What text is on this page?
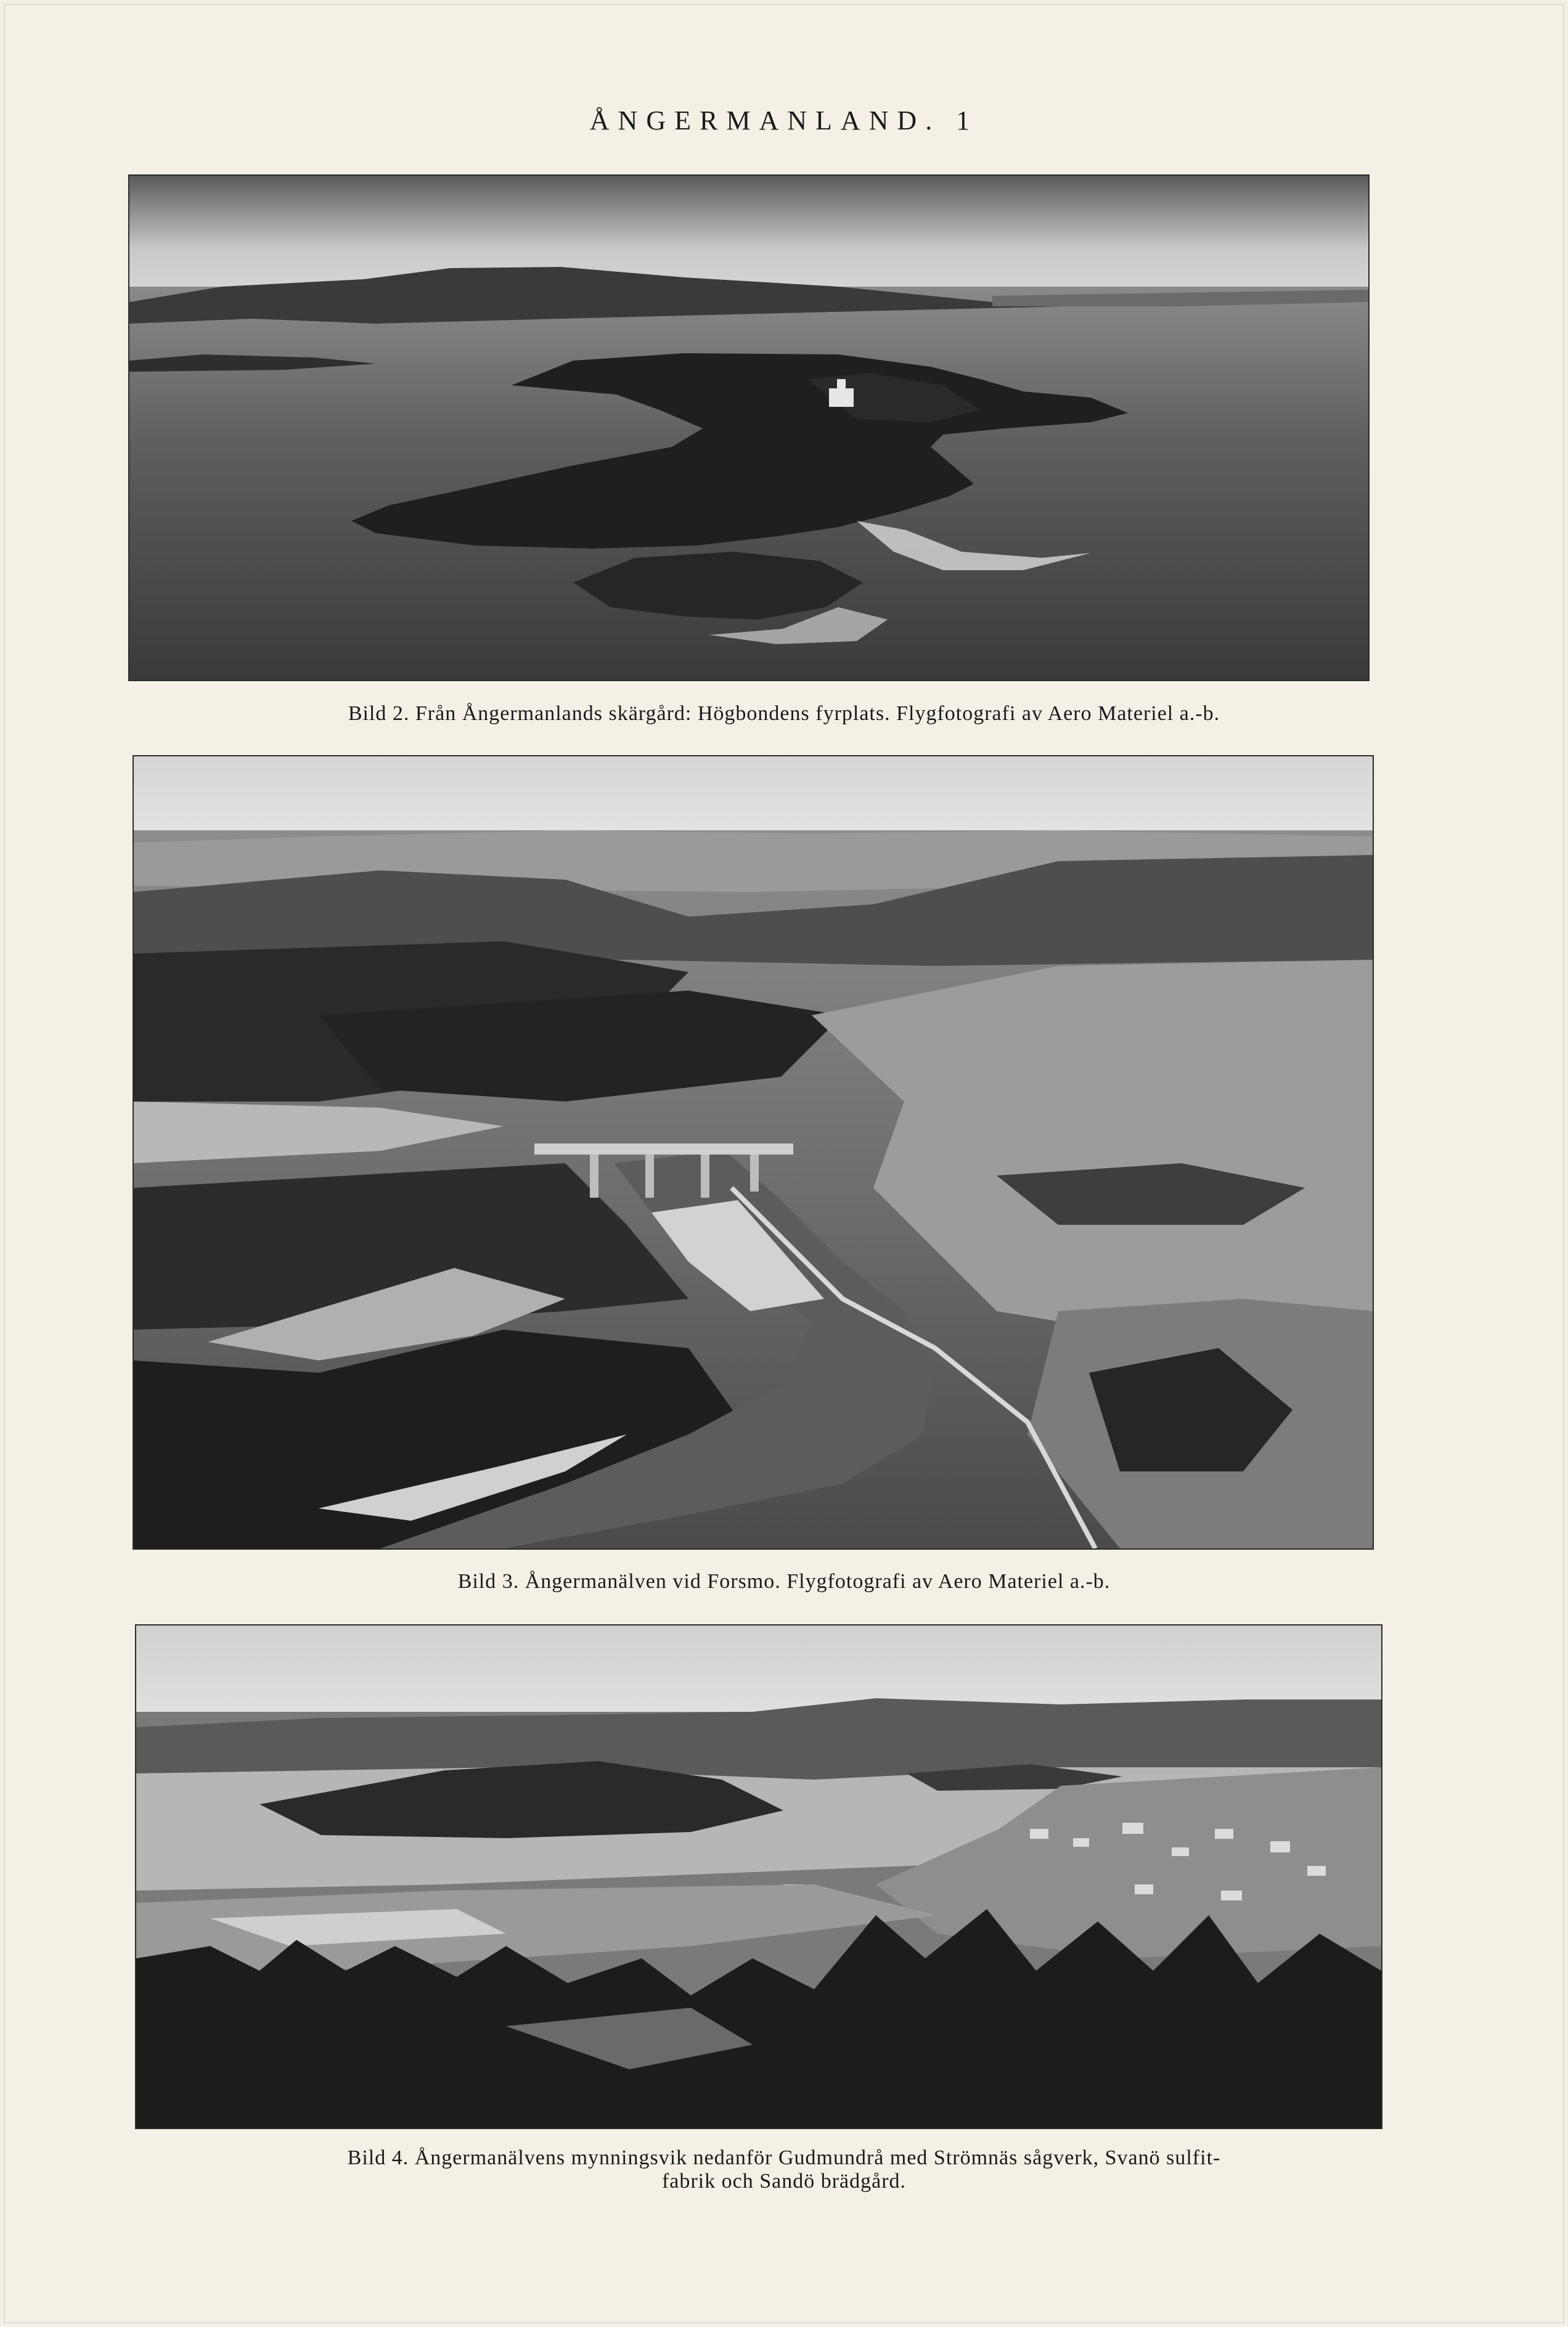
ÅNGERMANLAND. 1
Bild 2. Från Ångermanlands skärgård: Högbondens fyrplats. Flygfotografi av Aero Materiel a.-b.
Bild 3. Ångermanälven vid Forsmo. Flygfotografi av Aero Materiel a.-b.
Bild 4. Ångermanälvens mynningsvik nedanför Gudmundrå med Strömnäs sågverk, Svanö sulfit-
fabrik och Sandö brädgård.
